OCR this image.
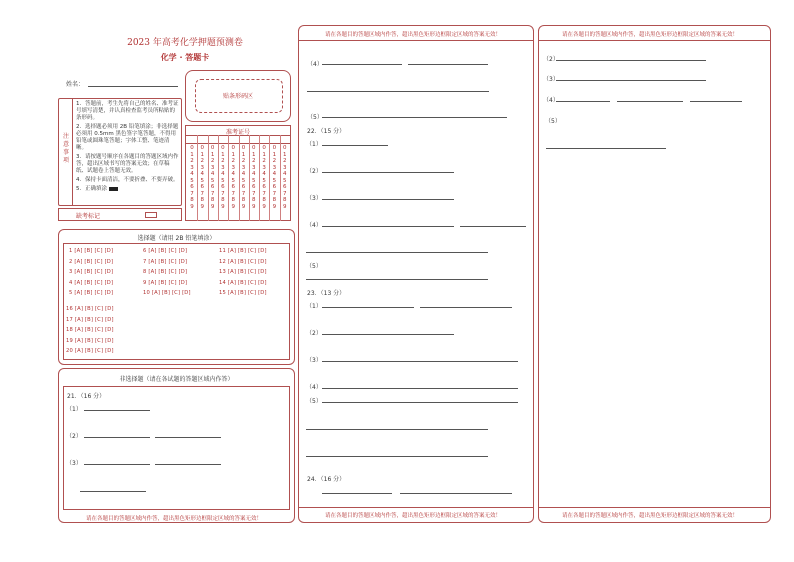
2023 年高考化学押题预测卷
化学 · 答题卡
姓名：
贴条形码区
注
意
事
项
1．答题前，考生先将自己的姓名、准考证号填写清楚，并认真检查监考员所粘贴的条形码。
2．选择题必须用 2B 铅笔填涂；非选择题必须用 0.5mm 黑色签字笔答题，不得用铅笔或圆珠笔答题；字体工整、笔迹清晰。
3．请按题号顺序在各题目的答题区域内作答，超出区域书写的答案无效；在草稿纸、试题卷上答题无效。
4．保持卡面清洁，不要折叠、不要弄破。
5．正确填涂
准考证号
0
1
2
3
4
5
6
7
8
9
0
1
2
3
4
5
6
7
8
9
0
1
2
3
4
5
6
7
8
9
0
1
2
3
4
5
6
7
8
9
0
1
2
3
4
5
6
7
8
9
0
1
2
3
4
5
6
7
8
9
0
1
2
3
4
5
6
7
8
9
0
1
2
3
4
5
6
7
8
9
0
1
2
3
4
5
6
7
8
9
0
1
2
3
4
5
6
7
8
9
缺考标记
选择题（请用 2B 铅笔填涂）
1 [A] [B] [C] [D]
2 [A] [B] [C] [D]
3 [A] [B] [C] [D]
4 [A] [B] [C] [D]
5 [A] [B] [C] [D]
6 [A] [B] [C] [D]
7 [A] [B] [C] [D]
8 [A] [B] [C] [D]
9 [A] [B] [C] [D]
10 [A] [B] [C] [D]
11 [A] [B] [C] [D]
12 [A] [B] [C] [D]
13 [A] [B] [C] [D]
14 [A] [B] [C] [D]
15 [A] [B] [C] [D]
16 [A] [B] [C] [D]
17 [A] [B] [C] [D]
18 [A] [B] [C] [D]
19 [A] [B] [C] [D]
20 [A] [B] [C] [D]
非选择题（请在各试题的答题区域内作答）
21．（16 分）
（1）
（2）
（3）
请在各题目的答题区域内作答，超出黑色矩形边框限定区域的答案无效！
请在各题目的答题区域内作答，超出黑色矩形边框限定区域的答案无效！
（4）
（5）
22．（15 分）
（1）
（2）
（3）
（4）
（5）
23．（13 分）
（1）
（2）
（3）
（4）
（5）
24．（16 分）
请在各题目的答题区域内作答，超出黑色矩形边框限定区域的答案无效！
请在各题目的答题区域内作答，超出黑色矩形边框限定区域的答案无效！
（2）
（3）
（4）
（5）
请在各题目的答题区域内作答，超出黑色矩形边框限定区域的答案无效！
